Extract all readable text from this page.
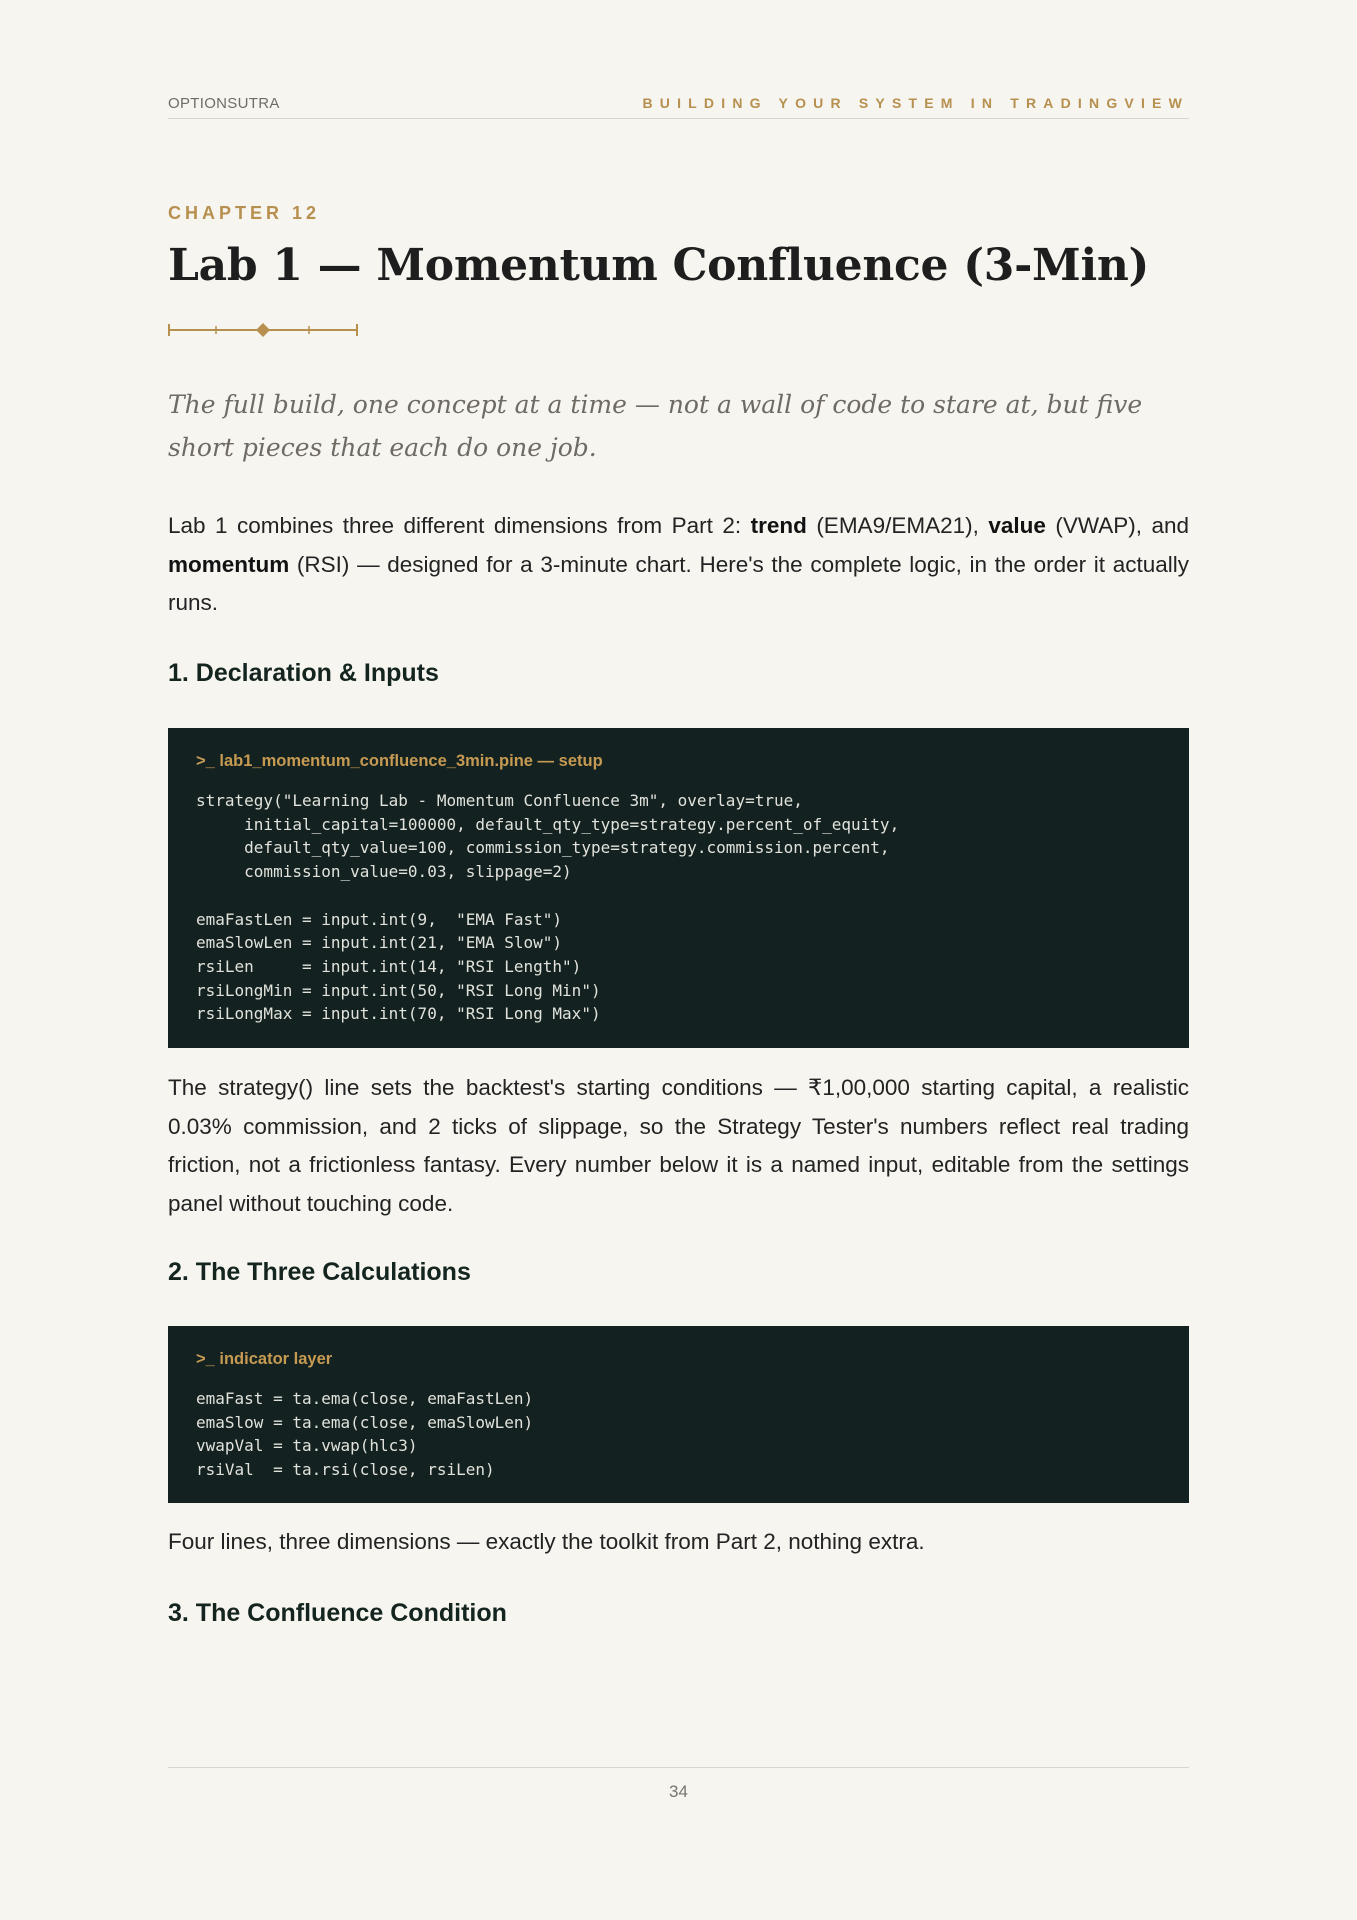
OPTIONSUTRA	BUILDING YOUR SYSTEM IN TRADINGVIEW
CHAPTER 12
Lab 1 — Momentum Confluence (3-Min)

The full build, one concept at a time — not a wall of code to stare at, but five short pieces that each do one job.

Lab 1 combines three different dimensions from Part 2: trend (EMA9/EMA21), value (VWAP), and momentum (RSI) — designed for a 3-minute chart. Here's the complete logic, in the order it actually runs.

1. Declaration & Inputs
>_ lab1_momentum_confluence_3min.pine — setup
strategy("Learning Lab - Momentum Confluence 3m", overlay=true,
initial_capital=100000, default_qty_type=strategy.percent_of_equity,
default_qty_value=100, commission_type=strategy.commission.percent,
commission_value=0.03, slippage=2)

emaFastLen = input.int(9,  "EMA Fast")
emaSlowLen = input.int(21, "EMA Slow")
rsiLen     = input.int(14, "RSI Length")
rsiLongMin = input.int(50, "RSI Long Min")
rsiLongMax = input.int(70, "RSI Long Max")

The strategy() line sets the backtest's starting conditions — ₹1,00,000 starting capital, a realistic 0.03% commission, and 2 ticks of slippage, so the Strategy Tester's numbers reflect real trading friction, not a frictionless fantasy. Every number below it is a named input, editable from the settings panel without touching code.

2. The Three Calculations
>_ indicator layer
emaFast = ta.ema(close, emaFastLen)
emaSlow = ta.ema(close, emaSlowLen)
vwapVal = ta.vwap(hlc3)
rsiVal  = ta.rsi(close, rsiLen)

Four lines, three dimensions — exactly the toolkit from Part 2, nothing extra.

3. The Confluence Condition
34
